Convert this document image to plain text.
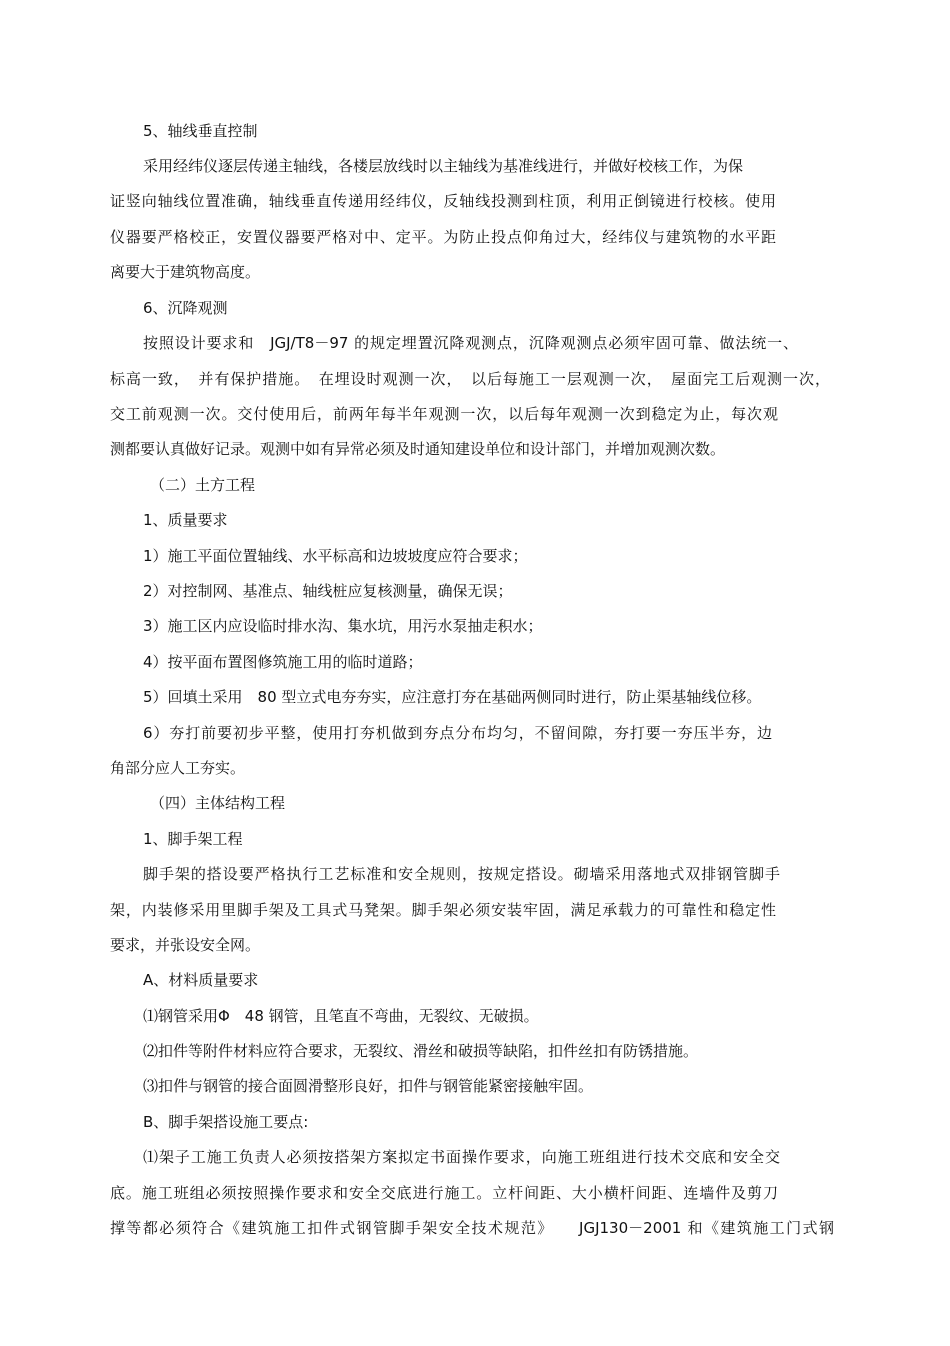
5、轴线垂直控制
采用经纬仪逐层传递主轴线，各楼层放线时以主轴线为基准线进行，并做好校核工作，为保
证竖向轴线位置准确，轴线垂直传递用经纬仪，反轴线投测到柱顶，利用正倒镜进行校核。使用
仪器要严格校正，安置仪器要严格对中、定平。为防止投点仰角过大，经纬仪与建筑物的水平距
离要大于建筑物高度。
6、沉降观测
按照设计要求和　JGJ/T8－97 的规定埋置沉降观测点，沉降观测点必须牢固可靠、做法统一、
标高一致，　并有保护措施。　在埋设时观测一次，　以后每施工一层观测一次，　屋面完工后观测一次，
交工前观测一次。交付使用后，前两年每半年观测一次，以后每年观测一次到稳定为止，每次观
测都要认真做好记录。观测中如有异常必须及时通知建设单位和设计部门，并增加观测次数。
（二）土方工程
1、质量要求
1）施工平面位置轴线、水平标高和边坡坡度应符合要求；
2）对控制网、基准点、轴线桩应复核测量，确保无误；
3）施工区内应设临时排水沟、集水坑，用污水泵抽走积水；
4）按平面布置图修筑施工用的临时道路；
5）回填土采用　80 型立式电夯夯实，应注意打夯在基础两侧同时进行，防止渠基轴线位移。
6）夯打前要初步平整，使用打夯机做到夯点分布均匀，不留间隙，夯打要一夯压半夯，边
角部分应人工夯实。
（四）主体结构工程
1、脚手架工程
脚手架的搭设要严格执行工艺标准和安全规则，按规定搭设。砌墙采用落地式双排钢管脚手
架，内装修采用里脚手架及工具式马凳架。脚手架必须安装牢固，满足承载力的可靠性和稳定性
要求，并张设安全网。
A、材料质量要求
⑴钢管采用Φ　48 钢管，且笔直不弯曲，无裂纹、无破损。
⑵扣件等附件材料应符合要求，无裂纹、滑丝和破损等缺陷，扣件丝扣有防锈措施。
⑶扣件与钢管的接合面圆滑整形良好，扣件与钢管能紧密接触牢固。
B、脚手架搭设施工要点:
⑴架子工施工负责人必须按搭架方案拟定书面操作要求，向施工班组进行技术交底和安全交
底。施工班组必须按照操作要求和安全交底进行施工。立杆间距、大小横杆间距、连墙件及剪刀
撑等都必须符合《建筑施工扣件式钢管脚手架安全技术规范》　　JGJ130－2001 和《建筑施工门式钢
